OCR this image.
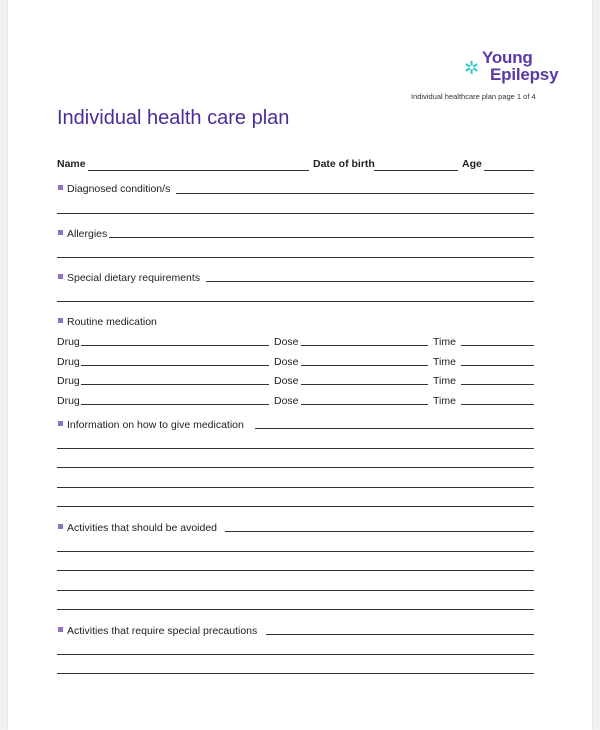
✲
Young
Epilepsy
Individual healthcare plan page 1 of 4
Individual health care plan
Name	Date of birth	Age
Diagnosed condition/s
Allergies
Special dietary requirements
Routine medication
Drug	Dose	Time
Drug	Dose	Time
Drug	Dose	Time
Drug	Dose	Time
Information on how to give medication
Activities that should be avoided
Activities that require special precautions
